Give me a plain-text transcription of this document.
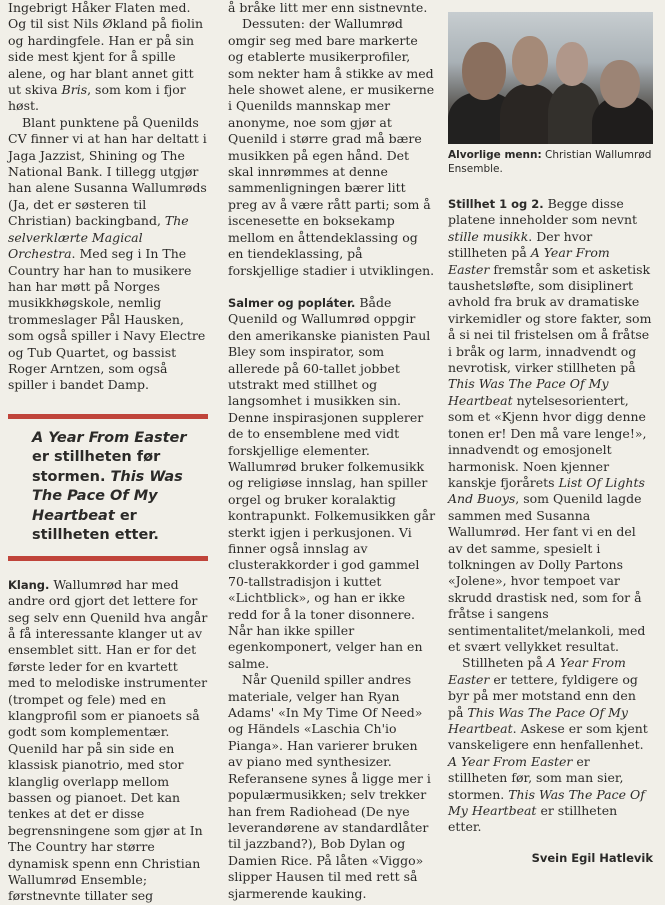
Ingebrigt Håker Flaten med. Og til sist Nils Økland på fiolin og hardingfele. Han er på sin side mest kjent for å spille alene, og har blant annet gitt ut skiva Bris, som kom i fjor høst.

Blant punktene på Quenilds CV finner vi at han har deltatt i Jaga Jazzist, Shining og The National Bank. I tillegg utgjør han alene Susanna Wallumrøds (Ja, det er søsteren til Christian) backingband, The selverklærte Magical Orchestra. Med seg i In The Country har han to musikere han har møtt på Norges musikkhøgskole, nemlig trommeslager Pål Hausken, som også spiller i Navy Electre og Tub Quartet, og bassist Roger Arntzen, som også spiller i bandet Damp.

A Year From Easter er stillheten før stormen. This Was The Pace Of My Heartbeat er stillheten etter.

Klang. Wallumrød har med andre ord gjort det lettere for seg selv enn Quenild hva angår å få interessante klanger ut av ensemblet sitt. Han er for det første leder for en kvartett med to melodiske instrumenter (trompet og fele) med en klangprofil som er pianoets så godt som komplementær. Quenild har på sin side en klassisk pianotrio, med stor klanglig overlapp mellom bassen og pianoet. Det kan tenkes at det er disse begrensningene som gjør at In The Country har større dynamisk spenn enn Christian Wallumrød Ensemble; førstnevnte tillater seg

å bråke litt mer enn sistnevnte.

Dessuten: der Wallumrød omgir seg med bare markerte og etablerte musikerprofiler, som nekter ham å stikke av med hele showet alene, er musikerne i Quenilds mannskap mer anonyme, noe som gjør at Quenild i større grad må bære musikken på egen hånd. Det skal innrømmes at denne sammenligningen bærer litt preg av å være rått parti; som å iscenesette en boksekamp mellom en åttendeklassing og en tiendeklassing, på forskjellige stadier i utviklingen.

Salmer og popláter. Både Quenild og Wallumrød oppgir den amerikanske pianisten Paul Bley som inspirator, som allerede på 60-tallet jobbet utstrakt med stillhet og langsomhet i musikken sin. Denne inspirasjonen supplerer de to ensemblene med vidt forskjellige elementer. Wallumrød bruker folkemusikk og religiøse innslag, han spiller orgel og bruker koralaktig kontrapunkt. Folkemusikken går sterkt igjen i perkusjonen. Vi finner også innslag av clusterakkorder i god gammel 70-tallstradisjon i kuttet «Lichtblick», og han er ikke redd for å la toner disonnere. Når han ikke spiller egenkomponert, velger han en salme.

Når Quenild spiller andres materiale, velger han Ryan Adams' «In My Time Of Need» og Händels «Laschia Ch'io Pianga». Han varierer bruken av piano med synthesizer. Referansene synes å ligge mer i populærmusikken; selv trekker han frem Radiohead (De nye leverandørene av standardlåter til jazzband?), Bob Dylan og Damien Rice. På låten «Viggo» slipper Hausen til med rett så sjarmerende kauking.

Alvorlige menn: Christian Wallumrød Ensemble.

Stillhet 1 og 2. Begge disse platene inneholder som nevnt stille musikk. Der hvor stillheten på A Year From Easter fremstår som et asketisk taushetsløfte, som disiplinert avhold fra bruk av dramatiske virkemidler og store fakter, som å si nei til fristelsen om å fråtse i bråk og larm, innadvendt og nevrotisk, virker stillheten på This Was The Pace Of My Heartbeat nytelsesorientert, som et «Kjenn hvor digg denne tonen er! Den må vare lenge!», innadvendt og emosjonelt harmonisk. Noen kjenner kanskje fjorårets List Of Lights And Buoys, som Quenild lagde sammen med Susanna Wallumrød. Her fant vi en del av det samme, spesielt i tolkningen av Dolly Partons «Jolene», hvor tempoet var skrudd drastisk ned, som for å fråtse i sangens sentimentalitet/melankoli, med et svært vellykket resultat.

Stillheten på A Year From Easter er tettere, fyldigere og byr på mer motstand enn den på This Was The Pace Of My Heartbeat. Askese er som kjent vanskeligere enn henfallenhet. A Year From Easter er stillheten før, som man sier, stormen. This Was The Pace Of My Heartbeat er stillheten etter.

Svein Egil Hatlevik
